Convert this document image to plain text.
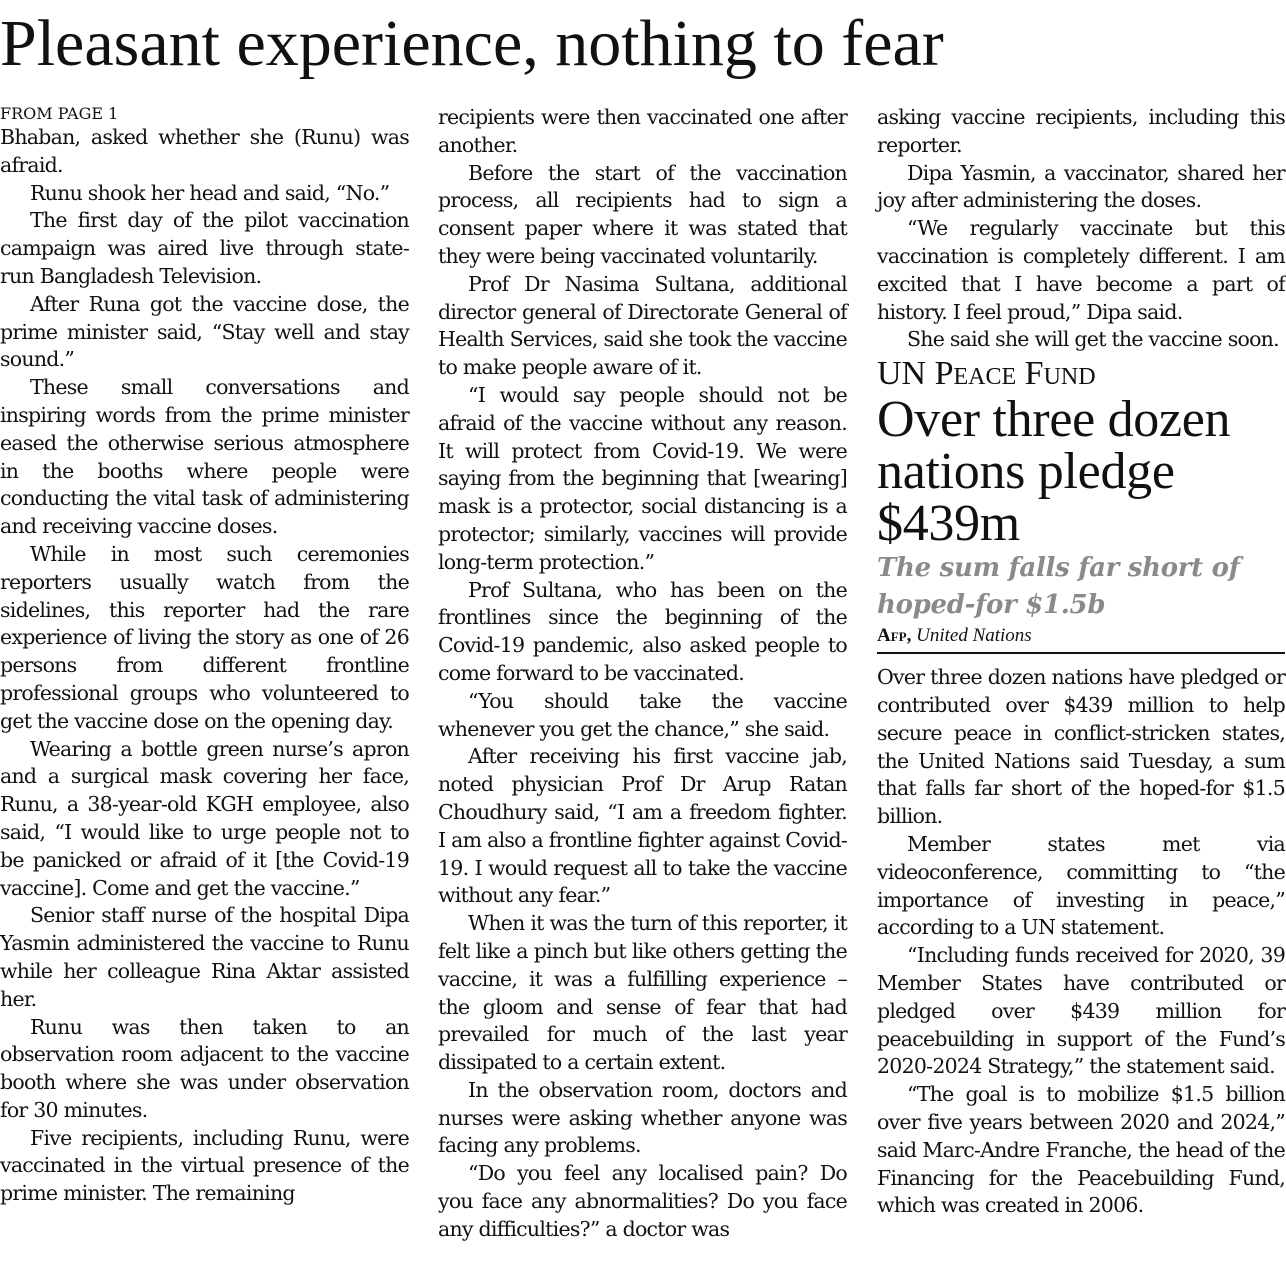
Pleasant experience, nothing to fear

FROM PAGE 1

Bhaban, asked whether she (Runu) was afraid.

Runu shook her head and said, “No.”

The first day of the pilot vaccination campaign was aired live through state-run Bangladesh Television.

After Runa got the vaccine dose, the prime minister said, “Stay well and stay sound.”

These small conversations and inspiring words from the prime minister eased the otherwise serious atmosphere in the booths where people were conducting the vital task of administering and receiving vaccine doses.

While in most such ceremonies reporters usually watch from the sidelines, this reporter had the rare experience of living the story as one of 26 persons from different frontline professional groups who volunteered to get the vaccine dose on the opening day.

Wearing a bottle green nurse’s apron and a surgical mask covering her face, Runu, a 38-year-old KGH employee, also said, “I would like to urge people not to be panicked or afraid of it [the Covid-19 vaccine]. Come and get the vaccine.”

Senior staff nurse of the hospital Dipa Yasmin administered the vaccine to Runu while her colleague Rina Aktar assisted her.

Runu was then taken to an observation room adjacent to the vaccine booth where she was under observation for 30 minutes.

Five recipients, including Runu, were vaccinated in the virtual presence of the prime minister. The remaining

recipients were then vaccinated one after another.

Before the start of the vaccination process, all recipients had to sign a consent paper where it was stated that they were being vaccinated voluntarily.

Prof Dr Nasima Sultana, additional director general of Directorate General of Health Services, said she took the vaccine to make people aware of it.

“I would say people should not be afraid of the vaccine without any reason. It will protect from Covid-19. We were saying from the beginning that [wearing] mask is a protector, social distancing is a protector; similarly, vaccines will provide long-term protection.”

Prof Sultana, who has been on the frontlines since the beginning of the Covid-19 pandemic, also asked people to come forward to be vaccinated.

“You should take the vaccine whenever you get the chance,” she said.

After receiving his first vaccine jab, noted physician Prof Dr Arup Ratan Choudhury said, “I am a freedom fighter. I am also a frontline fighter against Covid-19. I would request all to take the vaccine without any fear.”

When it was the turn of this reporter, it felt like a pinch but like others getting the vaccine, it was a fulfilling experience – the gloom and sense of fear that had prevailed for much of the last year dissipated to a certain extent.

In the observation room, doctors and nurses were asking whether anyone was facing any problems.

“Do you feel any localised pain? Do you face any abnormalities? Do you face any difficulties?” a doctor was

asking vaccine recipients, including this reporter.

Dipa Yasmin, a vaccinator, shared her joy after administering the doses.

“We regularly vaccinate but this vaccination is completely different. I am excited that I have become a part of history. I feel proud,” Dipa said.

She said she will get the vaccine soon.

UN Peace Fund

Over three dozen nations pledge $439m

The sum falls far short of hoped-for $1.5b

Afp, United Nations

Over three dozen nations have pledged or contributed over $439 million to help secure peace in conflict-stricken states, the United Nations said Tuesday, a sum that falls far short of the hoped-for $1.5 billion.

Member states met via videoconference, committing to “the importance of investing in peace,” according to a UN statement.

“Including funds received for 2020, 39 Member States have contributed or pledged over $439 million for peacebuilding in support of the Fund’s 2020-2024 Strategy,” the statement said.

“The goal is to mobilize $1.5 billion over five years between 2020 and 2024,” said Marc-Andre Franche, the head of the Financing for the Peacebuilding Fund, which was created in 2006.
